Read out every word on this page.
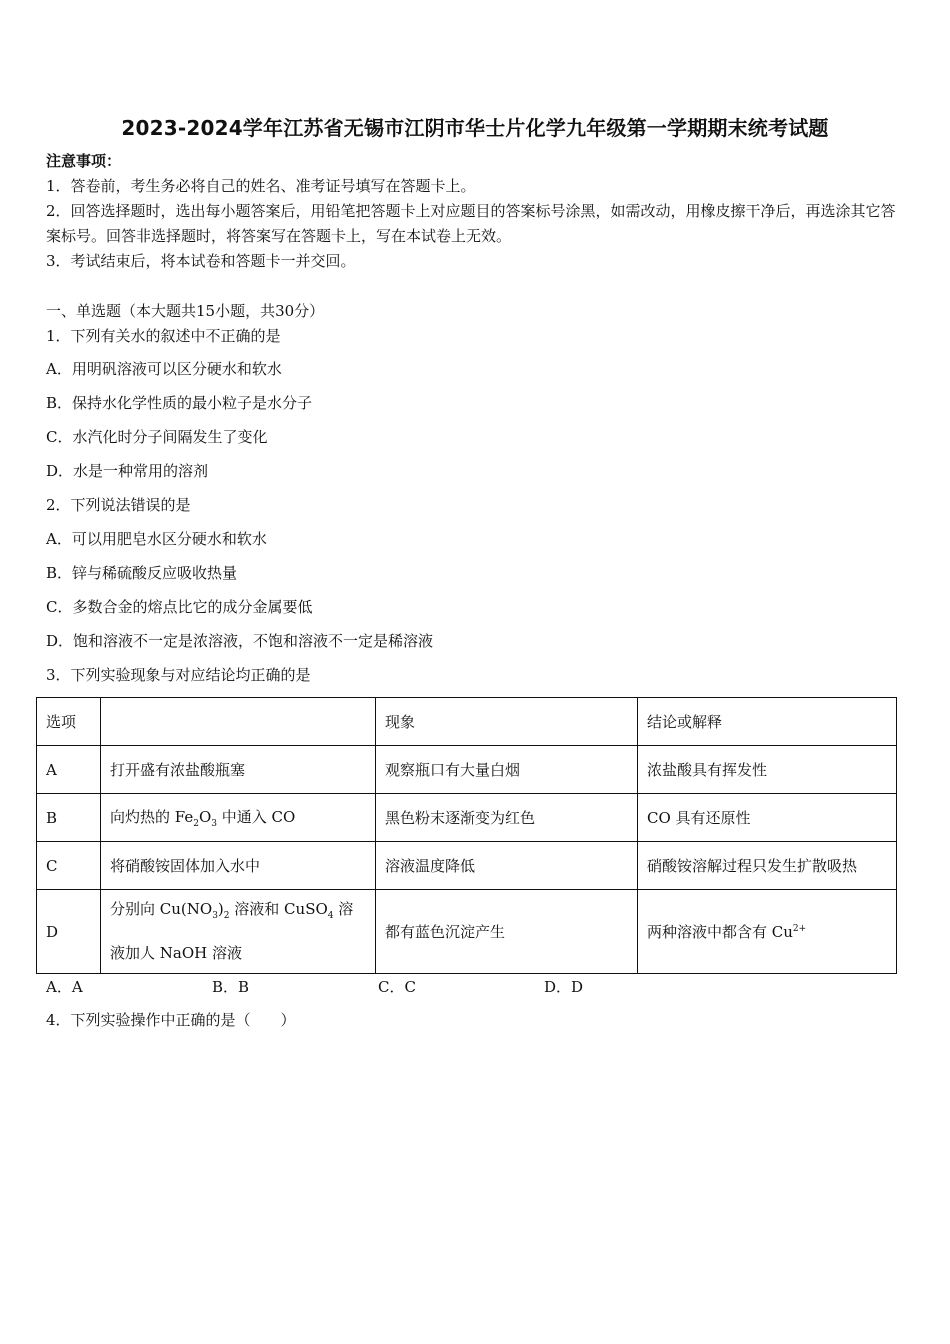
2023-2024学年江苏省无锡市江阴市华士片化学九年级第一学期期末统考试题
注意事项：
1．答卷前，考生务必将自己的姓名、准考证号填写在答题卡上。
2．回答选择题时，选出每小题答案后，用铅笔把答题卡上对应题目的答案标号涂黑，如需改动，用橡皮擦干净后，再选涂其它答案标号。回答非选择题时，将答案写在答题卡上，写在本试卷上无效。
3．考试结束后，将本试卷和答题卡一并交回。
一、单选题（本大题共15小题，共30分）
1．下列有关水的叙述中不正确的是
A．用明矾溶液可以区分硬水和软水
B．保持水化学性质的最小粒子是水分子
C．水汽化时分子间隔发生了变化
D．水是一种常用的溶剂
2．下列说法错误的是
A．可以用肥皂水区分硬水和软水
B．锌与稀硫酸反应吸收热量
C．多数合金的熔点比它的成分金属要低
D．饱和溶液不一定是浓溶液，不饱和溶液不一定是稀溶液
3．下列实验现象与对应结论均正确的是
选项		现象	结论或解释
A	打开盛有浓盐酸瓶塞	观察瓶口有大量白烟	浓盐酸具有挥发性
B	向灼热的 $Fe_2O_3$ 中通入 CO	黑色粉末逐渐变为红色	CO 具有还原性
C	将硝酸铵固体加入水中	溶液温度降低	硝酸铵溶解过程只发生扩散吸热
D	分别向 $Cu(NO_3)_2$ 溶液和 CuSO$_4$ 溶
液加人 NaOH 溶液	都有蓝色沉淀产生	两种溶液中都含有 $Cu^{2+}$
A．A	B．B	C．C	D．D
4．下列实验操作中正确的是（　　）
